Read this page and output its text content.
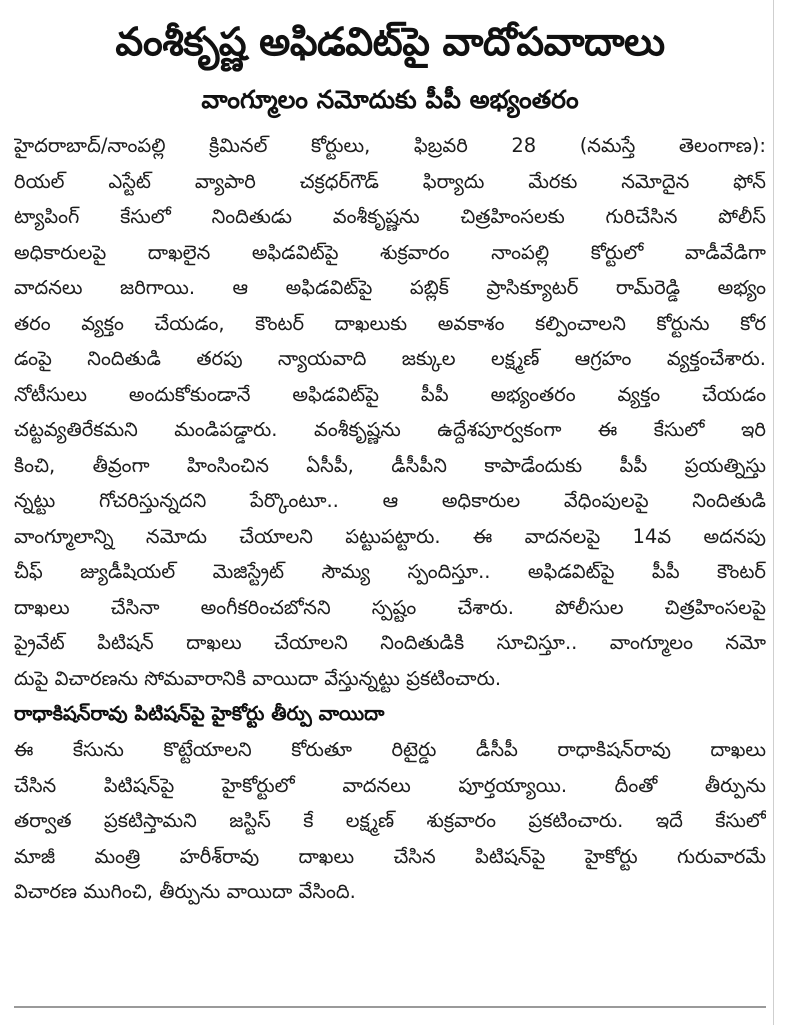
వంశీకృష్ణ అఫిడవిట్‌పై వాదోపవాదాలు
వాంగ్మూలం నమోదుకు పీపీ అభ్యంతరం

హైదరాబాద్‌/నాంపల్లి క్రిమినల్‌ కోర్టులు, ఫిబ్రవరి 28 (నమస్తే తెలంగాణ):
రియల్‌ ఎస్టేట్‌ వ్యాపారి చక్రధర్‌గౌడ్‌ ఫిర్యాదు మేరకు నమోదైన ఫోన్‌
ట్యాపింగ్‌ కేసులో నిందితుడు వంశీకృష్ణను చిత్రహింసలకు గురిచేసిన పోలీస్‌
అధికారులపై దాఖలైన అఫిడవిట్‌పై శుక్రవారం నాంపల్లి కోర్టులో వాడీవేడిగా
వాదనలు జరిగాయి. ఆ అఫిడవిట్‌పై పబ్లిక్‌ ప్రాసిక్యూటర్‌ రామ్‌రెడ్డి అభ్యం
తరం వ్యక్తం చేయడం, కౌంటర్‌ దాఖలుకు అవకాశం కల్పించాలని కోర్టును కోర
డంపై నిందితుడి తరపు న్యాయవాది జక్కుల లక్ష్మణ్‌ ఆగ్రహం వ్యక్తంచేశారు.
నోటీసులు అందుకోకుండానే అఫిడవిట్‌పై పీపీ అభ్యంతరం వ్యక్తం చేయడం
చట్టవ్యతిరేకమని మండిపడ్డారు. వంశీకృష్ణను ఉద్దేశపూర్వకంగా ఈ కేసులో ఇరి
కించి, తీవ్రంగా హింసించిన ఏసీపీ, డీసీపీని కాపాడేందుకు పీపీ ప్రయత్నిస్తు
న్నట్టు గోచరిస్తున్నదని పేర్కొంటూ.. ఆ అధికారుల వేధింపులపై నిందితుడి
వాంగ్మూలాన్ని నమోదు చేయాలని పట్టుపట్టారు. ఈ వాదనలపై 14వ అదనపు
చీఫ్‌ జ్యుడీషియల్‌ మెజిస్ట్రేట్‌ సౌమ్య స్పందిస్తూ.. అఫిడవిట్‌పై పీపీ కౌంటర్‌
దాఖలు చేసినా అంగీకరించబోనని స్పష్టం చేశారు. పోలీసుల చిత్రహింసలపై
ప్రైవేట్‌ పిటిషన్‌ దాఖలు చేయాలని నిందితుడికి సూచిస్తూ.. వాంగ్మూలం నమో
దుపై విచారణను సోమవారానికి వాయిదా వేస్తున్నట్టు ప్రకటించారు.

రాధాకిషన్‌రావు పిటిషన్‌పై హైకోర్టు తీర్పు వాయిదా

ఈ కేసును కొట్టేయాలని కోరుతూ రిటైర్డు డీసీపీ రాధాకిషన్‌రావు దాఖలు
చేసిన పిటిషన్‌పై హైకోర్టులో వాదనలు పూర్తయ్యాయి. దీంతో తీర్పును
తర్వాత ప్రకటిస్తామని జస్టిస్‌ కే లక్ష్మణ్‌ శుక్రవారం ప్రకటించారు. ఇదే కేసులో
మాజీ మంత్రి హరీశ్‌రావు దాఖలు చేసిన పిటిషన్‌పై హైకోర్టు గురువారమే
విచారణ ముగించి, తీర్పును వాయిదా వేసింది.
